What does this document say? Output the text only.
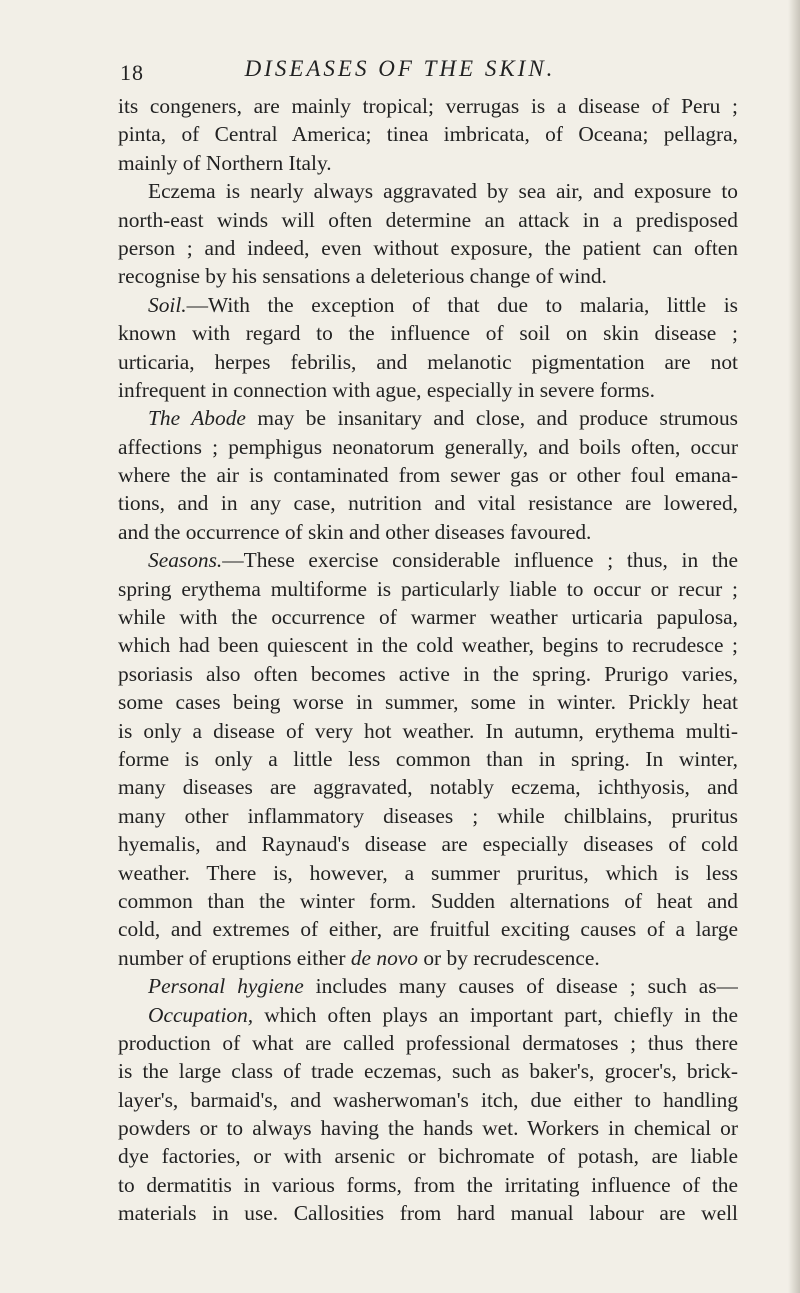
18	DISEASES OF THE SKIN.
its congeners, are mainly tropical; verrugas is a disease of Peru ;
pinta, of Central America; tinea imbricata, of Oceana; pellagra,
mainly of Northern Italy.
Eczema is nearly always aggravated by sea air, and exposure to
north-east winds will often determine an attack in a predisposed
person ; and indeed, even without exposure, the patient can often
recognise by his sensations a deleterious change of wind.
Soil.—With the exception of that due to malaria, little is
known with regard to the influence of soil on skin disease ;
urticaria, herpes febrilis, and melanotic pigmentation are not
infrequent in connection with ague, especially in severe forms.
The Abode may be insanitary and close, and produce strumous
affections ; pemphigus neonatorum generally, and boils often, occur
where the air is contaminated from sewer gas or other foul emana-
tions, and in any case, nutrition and vital resistance are lowered,
and the occurrence of skin and other diseases favoured.
Seasons.—These exercise considerable influence ; thus, in the
spring erythema multiforme is particularly liable to occur or recur ;
while with the occurrence of warmer weather urticaria papulosa,
which had been quiescent in the cold weather, begins to recrudesce ;
psoriasis also often becomes active in the spring. Prurigo varies,
some cases being worse in summer, some in winter. Prickly heat
is only a disease of very hot weather. In autumn, erythema multi-
forme is only a little less common than in spring. In winter,
many diseases are aggravated, notably eczema, ichthyosis, and
many other inflammatory diseases ; while chilblains, pruritus
hyemalis, and Raynaud's disease are especially diseases of cold
weather. There is, however, a summer pruritus, which is less
common than the winter form. Sudden alternations of heat and
cold, and extremes of either, are fruitful exciting causes of a large
number of eruptions either de novo or by recrudescence.
Personal hygiene includes many causes of disease ; such as—
Occupation, which often plays an important part, chiefly in the
production of what are called professional dermatoses ; thus there
is the large class of trade eczemas, such as baker's, grocer's, brick-
layer's, barmaid's, and washerwoman's itch, due either to handling
powders or to always having the hands wet. Workers in chemical or
dye factories, or with arsenic or bichromate of potash, are liable
to dermatitis in various forms, from the irritating influence of the
materials in use. Callosities from hard manual labour are well
